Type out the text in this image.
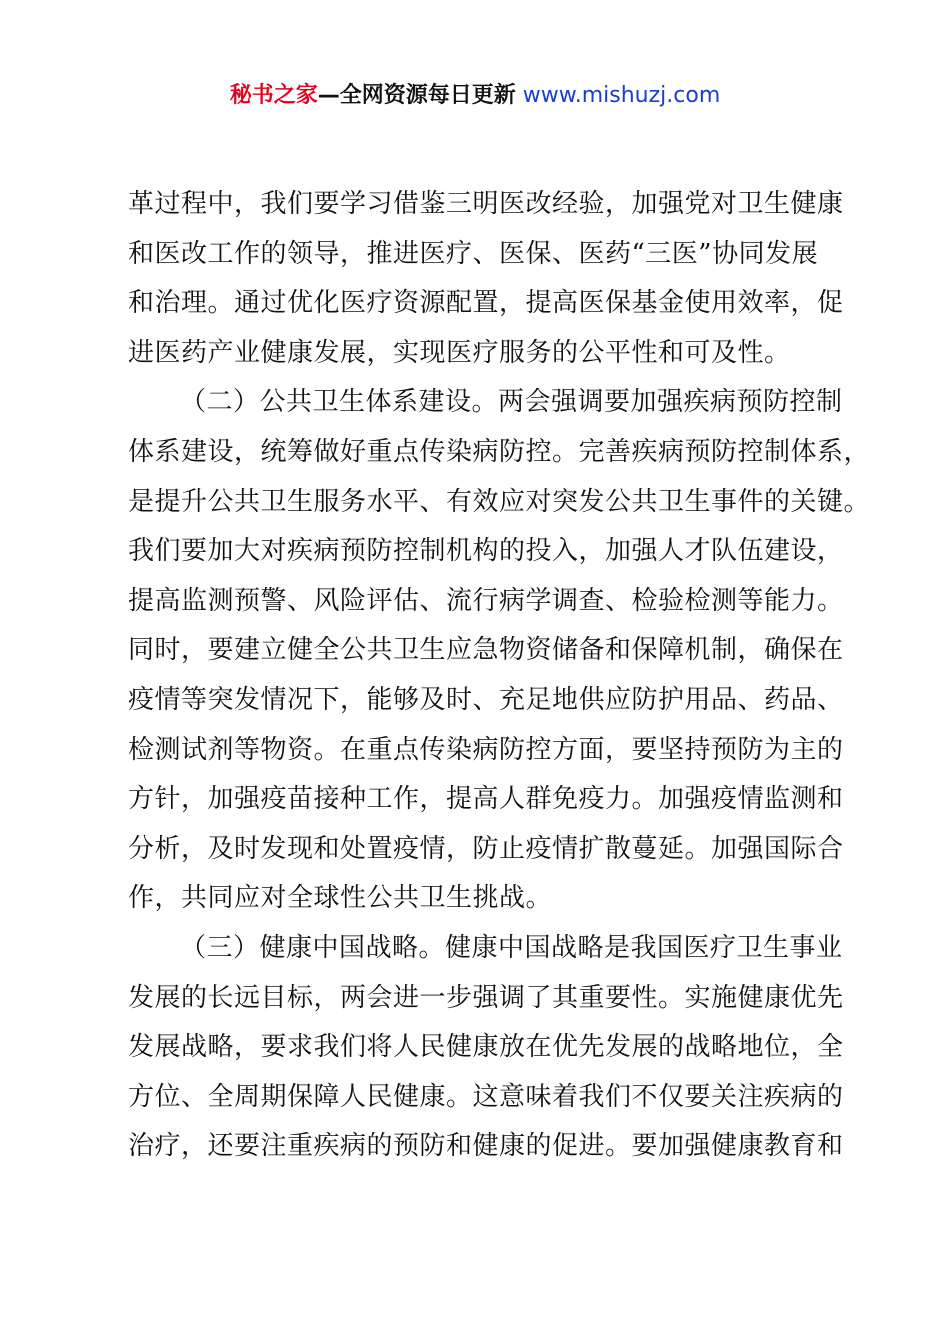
秘书之家—全网资源每日更新 www.mishuzj.com
革过程中，我们要学习借鉴三明医改经验，加强党对卫生健康
和医改工作的领导，推进医疗、医保、医药“三医”协同发展
和治理。通过优化医疗资源配置，提高医保基金使用效率，促
进医药产业健康发展，实现医疗服务的公平性和可及性。
（二）公共卫生体系建设。两会强调要加强疾病预防控制
体系建设，统筹做好重点传染病防控。完善疾病预防控制体系，
是提升公共卫生服务水平、有效应对突发公共卫生事件的关键。
我们要加大对疾病预防控制机构的投入，加强人才队伍建设，
提高监测预警、风险评估、流行病学调查、检验检测等能力。
同时，要建立健全公共卫生应急物资储备和保障机制，确保在
疫情等突发情况下，能够及时、充足地供应防护用品、药品、
检测试剂等物资。在重点传染病防控方面，要坚持预防为主的
方针，加强疫苗接种工作，提高人群免疫力。加强疫情监测和
分析，及时发现和处置疫情，防止疫情扩散蔓延。加强国际合
作，共同应对全球性公共卫生挑战。
（三）健康中国战略。健康中国战略是我国医疗卫生事业
发展的长远目标，两会进一步强调了其重要性。实施健康优先
发展战略，要求我们将人民健康放在优先发展的战略地位，全
方位、全周期保障人民健康。这意味着我们不仅要关注疾病的
治疗，还要注重疾病的预防和健康的促进。要加强健康教育和
